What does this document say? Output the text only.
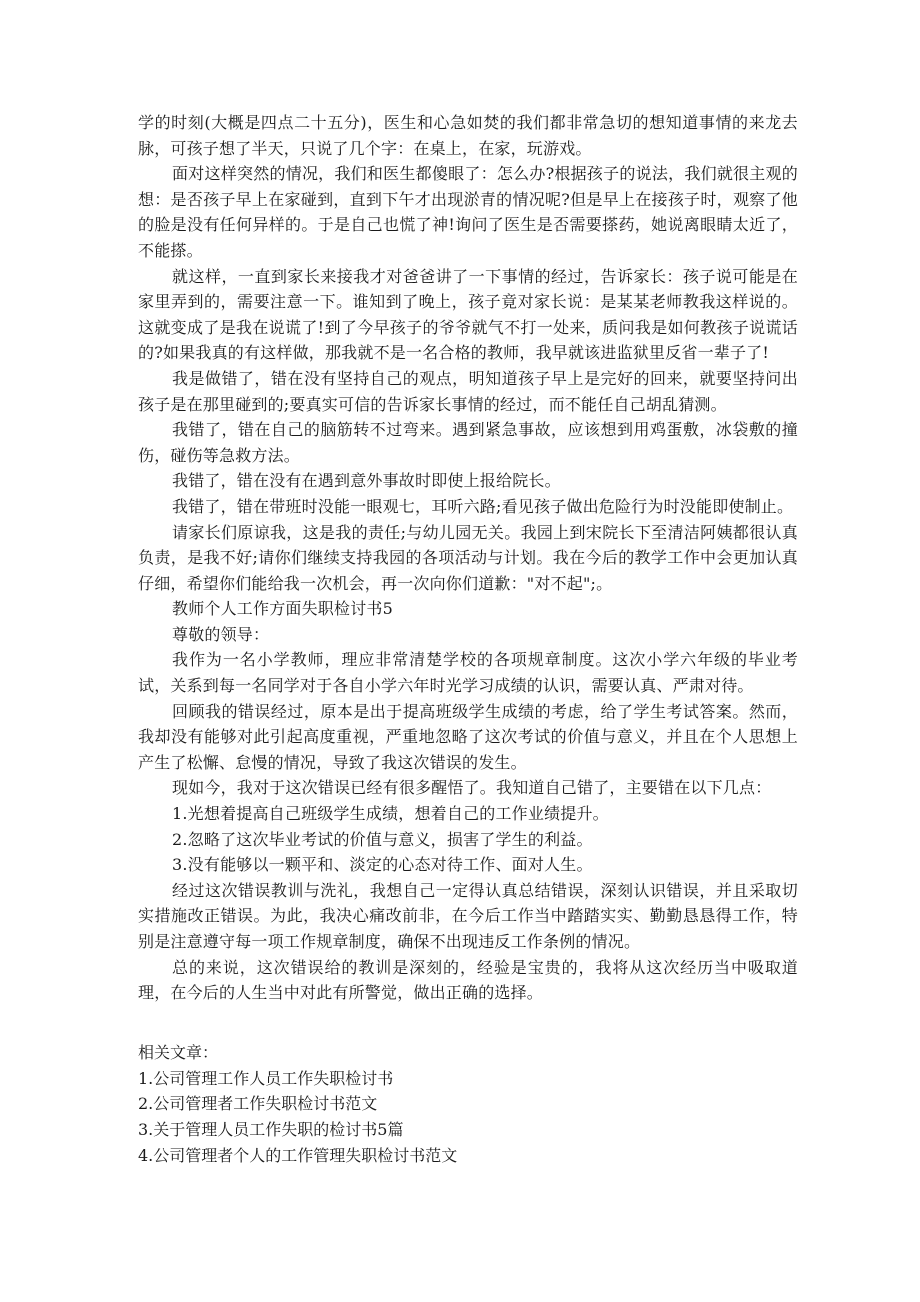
学的时刻(大概是四点二十五分)，医生和心急如焚的我们都非常急切的想知道事情的来龙去脉，可孩子想了半天，只说了几个字：在桌上，在家，玩游戏。

面对这样突然的情况，我们和医生都傻眼了：怎么办?根据孩子的说法，我们就很主观的想：是否孩子早上在家碰到，直到下午才出现淤青的情况呢?但是早上在接孩子时，观察了他的脸是没有任何异样的。于是自己也慌了神!询问了医生是否需要搽药，她说离眼睛太近了，不能搽。

就这样，一直到家长来接我才对爸爸讲了一下事情的经过，告诉家长：孩子说可能是在家里弄到的，需要注意一下。谁知到了晚上，孩子竟对家长说：是某某老师教我这样说的。这就变成了是我在说谎了!到了今早孩子的爷爷就气不打一处来，质问我是如何教孩子说谎话的?如果我真的有这样做，那我就不是一名合格的教师，我早就该进监狱里反省一辈子了!

我是做错了，错在没有坚持自己的观点，明知道孩子早上是完好的回来，就要坚持问出孩子是在那里碰到的;要真实可信的告诉家长事情的经过，而不能任自己胡乱猜测。

我错了，错在自己的脑筋转不过弯来。遇到紧急事故，应该想到用鸡蛋敷，冰袋敷的撞伤，碰伤等急救方法。

我错了，错在没有在遇到意外事故时即使上报给院长。

我错了，错在带班时没能一眼观七，耳听六路;看见孩子做出危险行为时没能即使制止。

请家长们原谅我，这是我的责任;与幼儿园无关。我园上到宋院长下至清洁阿姨都很认真负责，是我不好;请你们继续支持我园的各项活动与计划。我在今后的教学工作中会更加认真仔细，希望你们能给我一次机会，再一次向你们道歉："对不起";。

教师个人工作方面失职检讨书5

尊敬的领导：

我作为一名小学教师，理应非常清楚学校的各项规章制度。这次小学六年级的毕业考试，关系到每一名同学对于各自小学六年时光学习成绩的认识，需要认真、严肃对待。

回顾我的错误经过，原本是出于提高班级学生成绩的考虑，给了学生考试答案。然而，我却没有能够对此引起高度重视，严重地忽略了这次考试的价值与意义，并且在个人思想上产生了松懈、怠慢的情况，导致了我这次错误的发生。

现如今，我对于这次错误已经有很多醒悟了。我知道自己错了，主要错在以下几点：

1.光想着提高自己班级学生成绩，想着自己的工作业绩提升。

2.忽略了这次毕业考试的价值与意义，损害了学生的利益。

3.没有能够以一颗平和、淡定的心态对待工作、面对人生。

经过这次错误教训与洗礼，我想自己一定得认真总结错误，深刻认识错误，并且采取切实措施改正错误。为此，我决心痛改前非，在今后工作当中踏踏实实、勤勤恳恳得工作，特别是注意遵守每一项工作规章制度，确保不出现违反工作条例的情况。

总的来说，这次错误给的教训是深刻的，经验是宝贵的，我将从这次经历当中吸取道理，在今后的人生当中对此有所警觉，做出正确的选择。

相关文章：

1.公司管理工作人员工作失职检讨书

2.公司管理者工作失职检讨书范文

3.关于管理人员工作失职的检讨书5篇

4.公司管理者个人的工作管理失职检讨书范文
